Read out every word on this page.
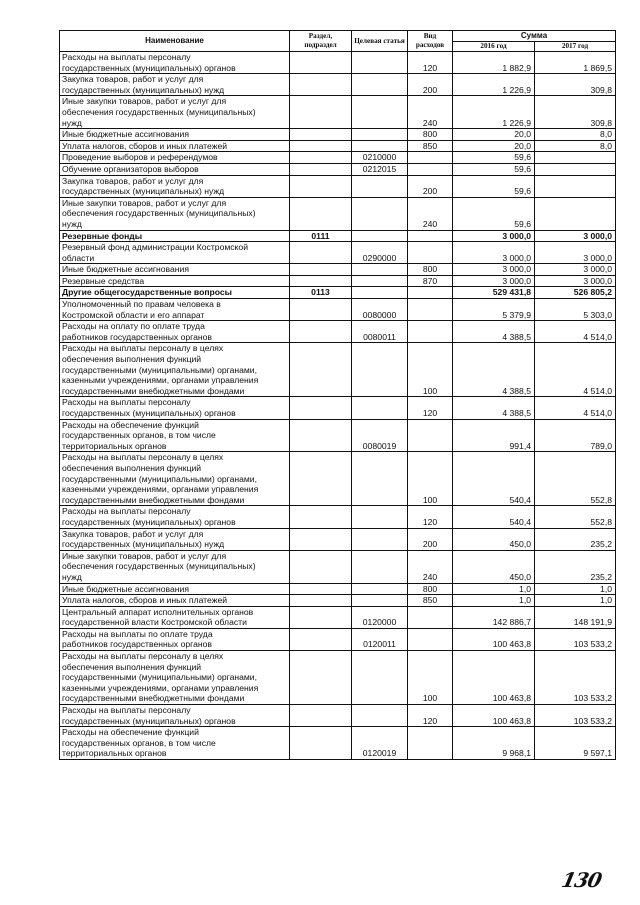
Наименование	Раздел, подраздел	Целевая статья	Вид расходов	Сумма	
				2016 год	2017 год

Расходы на выплаты персоналу
государственных (муниципальных) органов			120	1 882,9	1 869,5

Закупка товаров, работ и услуг для
государственных (муниципальных) нужд			200	1 226,9	309,8

Иные закупки товаров, работ и услуг для
обеспечения государственных (муниципальных)
нужд			240	1 226,9	309,8
Иные бюджетные ассигнования			800	20,0	8,0
Уплата налогов, сборов и иных платежей			850	20,0	8,0
Проведение выборов и референдумов		0210000		59,6	
Обучение организаторов выборов		0212015		59,6	

Закупка товаров, работ и услуг для
государственных (муниципальных) нужд			200	59,6	

Иные закупки товаров, работ и услуг для
обеспечения государственных (муниципальных)
нужд			240	59,6	
Резервные фонды	0111			3 000,0	3 000,0

Резервный фонд администрации Костромской
области		0290000		3 000,0	3 000,0
Иные бюджетные ассигнования			800	3 000,0	3 000,0
Резервные средства			870	3 000,0	3 000,0
Другие общегосударственные вопросы	0113			529 431,8	526 805,2

Уполномоченный по правам человека в
Костромской области и его аппарат		0080000		5 379,9	5 303,0

Расходы на оплату по оплате труда
работников государственных органов		0080011		4 388,5	4 514,0

Расходы на выплаты персоналу в целях
обеспечения выполнения функций
государственными (муниципальными) органами,
казенными учреждениями, органами управления
государственными внебюджетными фондами			100	4 388,5	4 514,0

Расходы на выплаты персоналу
государственных (муниципальных) органов			120	4 388,5	4 514,0

Расходы на обеспечение функций
государственных органов, в том числе
территориальных органов		0080019		991,4	789,0

Расходы на выплаты персоналу в целях
обеспечения выполнения функций
государственными (муниципальными) органами,
казенными учреждениями, органами управления
государственными внебюджетными фондами			100	540,4	552,8

Расходы на выплаты персоналу
государственных (муниципальных) органов			120	540,4	552,8

Закупка товаров, работ и услуг для
государственных (муниципальных) нужд			200	450,0	235,2

Иные закупки товаров, работ и услуг для
обеспечения государственных (муниципальных)
нужд			240	450,0	235,2
Иные бюджетные ассигнования			800	1,0	1,0
Уплата налогов, сборов и иных платежей			850	1,0	1,0

Центральный аппарат исполнительных органов
государственной власти Костромской области		0120000		142 886,7	148 191,9

Расходы на выплаты по оплате труда
работников государственных органов		0120011		100 463,8	103 533,2

Расходы на выплаты персоналу в целях
обеспечения выполнения функций
государственными (муниципальными) органами,
казенными учреждениями, органами управления
государственными внебюджетными фондами			100	100 463,8	103 533,2

Расходы на выплаты персоналу
государственных (муниципальных) органов			120	100 463,8	103 533,2

Расходы на обеспечение функций
государственных органов, в том числе
территориальных органов		0120019		9 968,1	9 597,1
130
